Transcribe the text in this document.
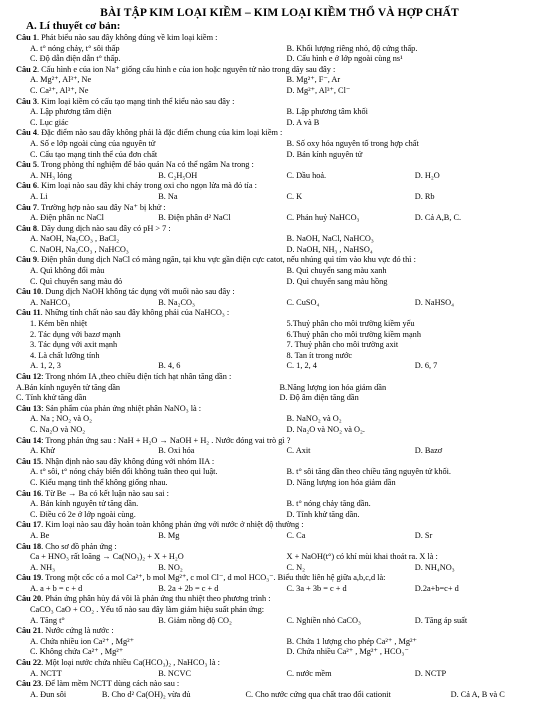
BÀI TẬP KIM LOẠI KIỀM – KIM LOẠI KIỀM THỔ VÀ HỢP CHẤT
A. Lí thuyết cơ bản:
Câu 1. Phát biểu nào sau đây không đúng về kim loại kiềm :
A. t° nóng chảy, t° sôi thấp	B. Khối lượng riêng nhỏ, độ cứng thấp.
C. Độ dẫn điện dẫn t° thấp.	D. Cấu hình e ở lớp ngoài cùng ns¹
Câu 2. Cấu hình e của ion Na⁺ giống cấu hình e của ion hoặc nguyên tử nào trong dãy sau đây :
A. Mg²⁺, Al³⁺, Ne	B. Mg²⁺, F⁻, Ar
C. Ca²⁺, Al³⁺, Ne	D. Mg²⁺, Al³⁺, Cl⁻
Câu 3. Kim loại kiềm có cấu tạo mạng tinh thể kiểu nào sau đây :
A. Lập phương tâm diện	B. Lập phương tâm khối
C. Lục giác	D. A và B
Câu 4. Đặc điểm nào sau đây không phải là đặc điểm chung của kim loại kiềm :
A. Số e lớp ngoài cùng của nguyên tử	B. Số oxy hóa nguyên tố trong hợp chất
C. Cấu tạo mạng tinh thể của đơn chất	D. Bán kính nguyên tử
Câu 5. Trong phòng thí nghiệm để bảo quản Na có thể ngâm Na trong :
A. NH₃ lỏng	B. C₂H₅OH	C. Dầu hoả.	D. H₂O
Câu 6. Kim loại nào sau đây khi cháy trong oxi cho ngọn lửa mà đỏ tía :
A. Li	B. Na	C. K	D. Rb
Câu 7. Trường hợp nào sau đây Na⁺ bị khử :
A. Điện phân nc NaCl	B. Điện phân d² NaCl	C. Phản huỷ NaHCO₃	D. Cả A,B, C.
Câu 8. Dãy dung dịch nào sau đây có pH > 7 :
A. NaOH, Na₂CO₃ , BaCl₂	B. NaOH, NaCl, NaHCO₃
C. NaOH, Na₂CO₃ , NaHCO₃	D. NaOH, NH₃ , NaHSO₄
Câu 9. Điện phân dung dịch NaCl có màng ngăn, tại khu vực gần điện cực catot, nếu nhúng quì tím vào khu vực đó thì :
A. Quì không đổi màu	B. Quì chuyển sang màu xanh
C. Quì chuyển sang màu đỏ	D. Quì chuyển sang màu hồng
Câu 10. Dung dịch NaOH không tác dụng với muối nào sau đây :
A. NaHCO₃	B. Na₂CO₃	C. CuSO₄	D. NaHSO₄
Câu 11. Những tính chất nào sau đây không phải của NaHCO₃ :
1. Kém bền nhiệt	5.Thuỷ phân cho môi trường kiềm yếu
2. Tác dụng với bazơ mạnh	6.Thuỷ phân cho môi trường kiềm mạnh
3. Tác dụng với axit mạnh	7. Thuỷ phân cho môi trường axit
4. Là chất lưỡng tính	8. Tan ít trong nước
A. 1, 2, 3	B. 4, 6	C. 1, 2, 4	D. 6, 7
Câu 12: Trong nhóm IA ,theo chiều điện tích hạt nhân tăng dần :
A.Bán kính nguyên tử tăng dần	B.Năng lượng ion hóa giảm dần
C. Tính khử tăng dần	D. Độ âm điện tăng dần
Câu 13: Sản phẩm của phản ứng nhiệt phân NaNO₃ là :
A. Na ; NO₂ và O₂	B. NaNO₂ và O₂
C. Na₂O và NO₂	D. Na₂O và NO₂ và O₂.
Câu 14: Trong phản ứng sau : NaH + H₂O → NaOH + H₂ . Nước đóng vai trò gì ?
A. Khử	B. Oxi hóa	C. Axit	D. Bazơ
Câu 15. Nhận định nào sau đây không đúng với nhóm IIA :
A. t° sôi, t° nóng chảy biến đổi không tuân theo qui luật.	B. t° sôi tăng dần theo chiều tăng nguyên tử khối.
C. Kiểu mạng tinh thể không giống nhau.	D. Năng lượng ion hóa giảm dần
Câu 16. Từ Be → Ba có kết luận nào sau sai :
A. Bán kính nguyên tử tăng dần.	B. t° nóng chảy tăng dần.
C. Điều có 2e ở lớp ngoài cùng.	D. Tính khử tăng dần.
Câu 17. Kim loại nào sau đây hoàn toàn không phản ứng với nước ở nhiệt độ thường :
A. Be	B. Mg	C. Ca	D. Sr
Câu 18. Cho sơ đồ phản ứng :
Ca + HNO₃ rất loãng → Ca(NO₃)₂ + X + H₂O	X + NaOH(t°) có khí mùi khai thoát ra. X là :
A. NH₃	B. NO₂	C. N₂	D. NH₄NO₃
Câu 19. Trong một cốc có a mol Ca²⁺, b mol Mg²⁺, c mol Cl⁻, d mol HCO₃⁻. Biểu thức liên hệ giữa a,b,c,d là:
A. a + b = c + d	B. 2a + 2b = c + d	C. 3a + 3b = c + d	D.2a+b=c+ d
Câu 20. Phản ứng phân hủy đá vôi là phản ứng thu nhiệt theo phương trình :
CaCO₃ CaO + CO₂ . Yếu tố nào sau đây làm giảm hiệu suất phản ứng:
A. Tăng t°	B. Giảm nồng độ CO₂	C. Nghiền nhỏ CaCO₃	D. Tăng áp suất
Câu 21. Nước cứng là nước :
A. Chứa nhiều ion Ca²⁺ , Mg²⁺	B. Chứa 1 lượng cho phép Ca²⁺ , Mg²⁺
C. Không chứa Ca²⁺ , Mg²⁺	D. Chứa nhiều Ca²⁺ , Mg²⁺ , HCO₃⁻
Câu 22. Một loại nước chứa nhiều Ca(HCO₃)₂ , NaHCO₃ là :
A. NCTT	B. NCVC	C. nước mềm	D. NCTP
Câu 23. Để làm mềm NCTT dùng cách nào sau :
A. Đun sôi	B. Cho d² Ca(OH)₂ vừa đủ	C. Cho nước cứng qua chất trao đổi cationit	D. Cả A, B và C
